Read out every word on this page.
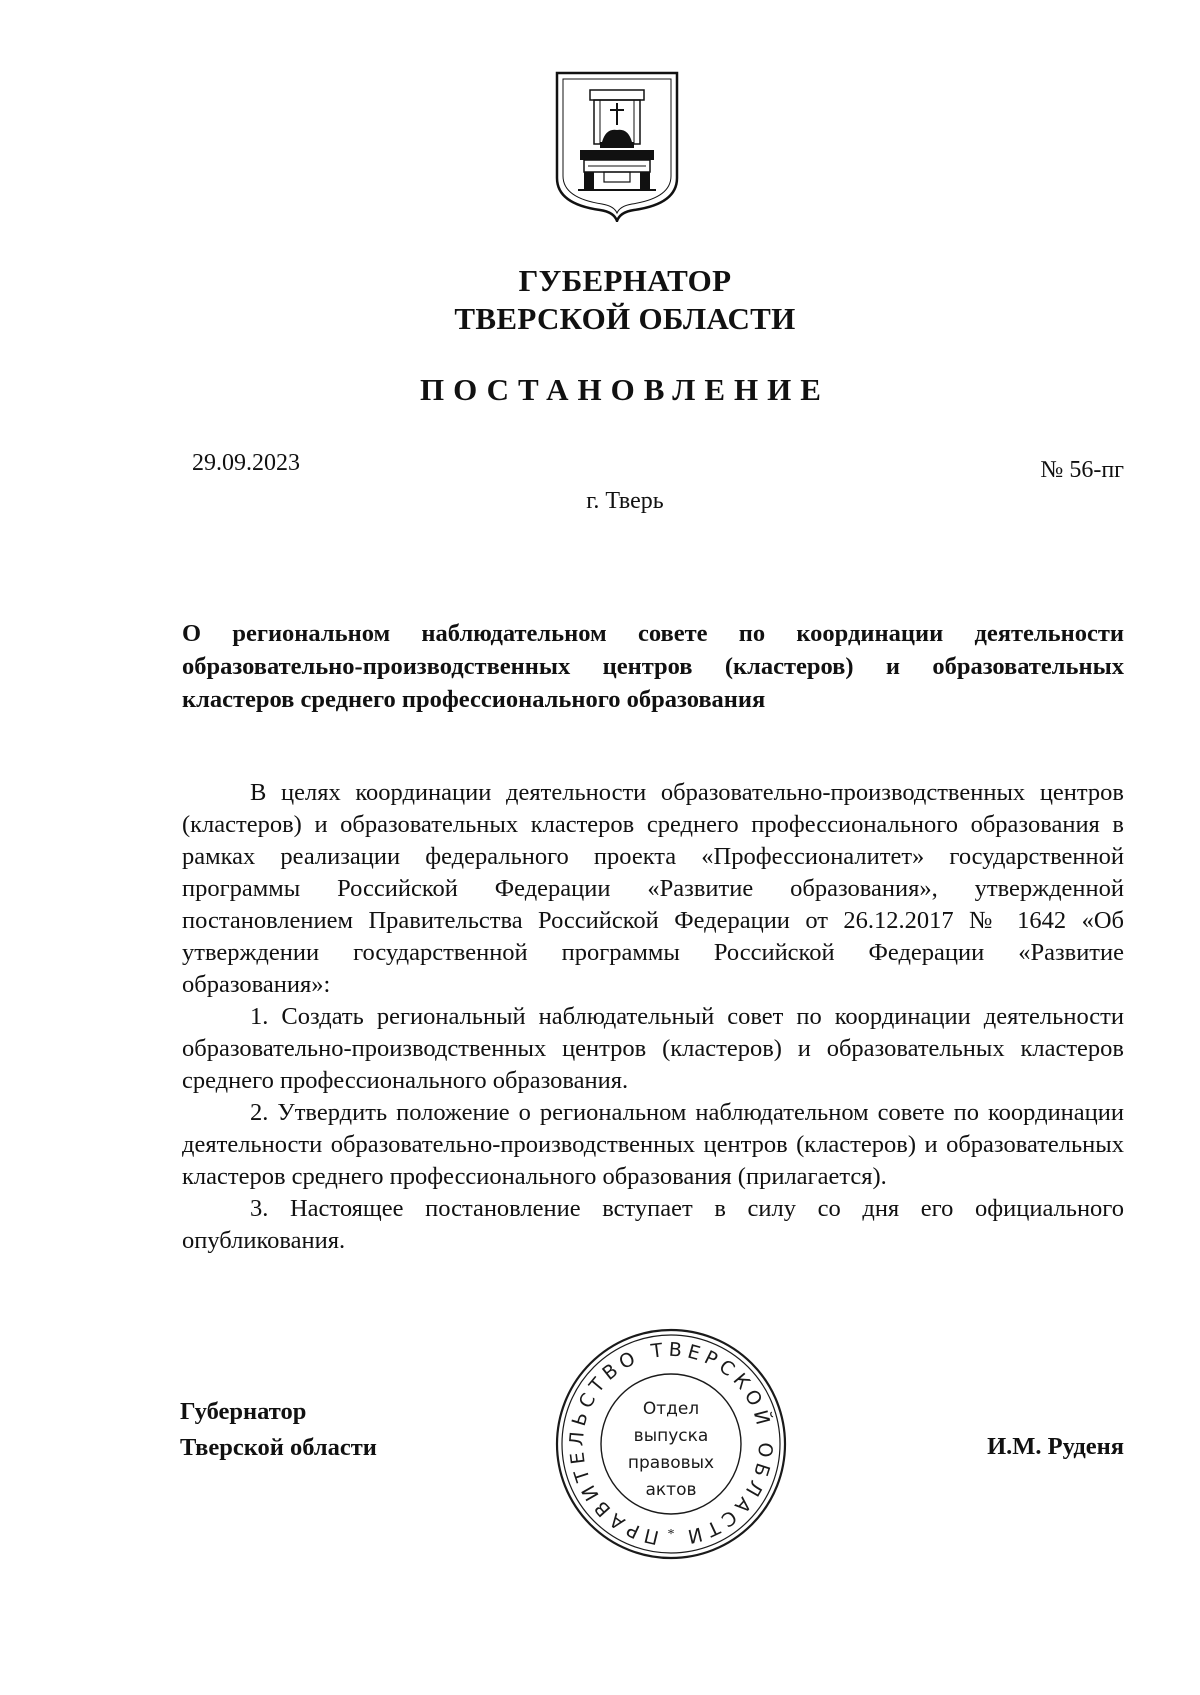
ГУБЕРНАТОР
ТВЕРСКОЙ ОБЛАСТИ
ПОСТАНОВЛЕНИЕ
29.09.2023	№ 56-пг
г. Тверь
О региональном наблюдательном совете по координации деятельности образовательно-производственных центров (кластеров) и образовательных кластеров среднего профессионального образования

В целях координации деятельности образовательно-производственных центров (кластеров) и образовательных кластеров среднего профессионального образования в рамках реализации федерального проекта «Профессионалитет» государственной программы Российской Федерации «Развитие образования», утвержденной постановлением Правительства Российской Федерации от 26.12.2017 № 1642 «Об утверждении государственной программы Российской Федерации «Развитие образования»:

1. Создать региональный наблюдательный совет по координации деятельности образовательно-производственных центров (кластеров) и образовательных кластеров среднего профессионального образования.

2. Утвердить положение о региональном наблюдательном совете по координации деятельности образовательно-производственных центров (кластеров) и образовательных кластеров среднего профессионального образования (прилагается).

3. Настоящее постановление вступает в силу со дня его официального опубликования.

Губернатор
Тверской области	И.М. Руденя
ПРАВИТЕЛЬСТВО ТВЕРСКОЙ ОБЛАСТИ
*
Отдел
выпуска
правовых
актов
